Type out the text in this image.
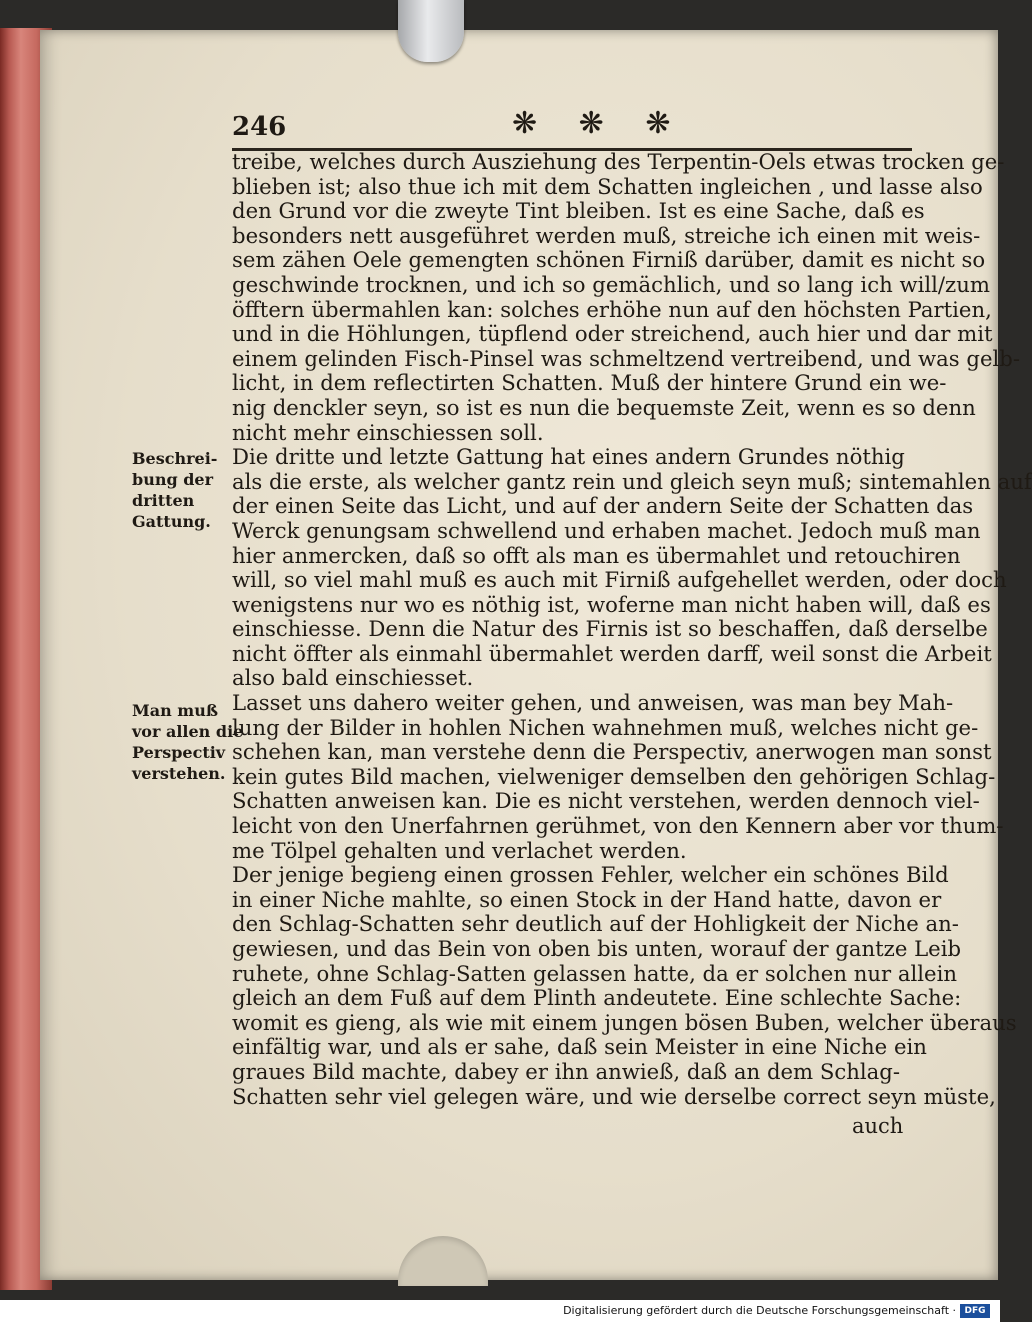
246	❋ ❋ ❋
treibe, welches durch Ausziehung des Terpentin-Oels etwas trocken ge-
blieben ist; also thue ich mit dem Schatten ingleichen , und lasse also
den Grund vor die zweyte Tint bleiben. Ist es eine Sache, daß es
besonders nett ausgeführet werden muß, streiche ich einen mit weis-
sem zähen Oele gemengten schönen Firniß darüber, damit es nicht so
geschwinde trocknen, und ich so gemächlich, und so lang ich will/zum
öfftern übermahlen kan: solches erhöhe nun auf den höchsten Partien,
und in die Höhlungen, tüpflend oder streichend, auch hier und dar mit
einem gelinden Fisch-Pinsel was schmeltzend vertreibend, und was gelb-
licht, in dem reflectirten Schatten. Muß der hintere Grund ein we-
nig denckler seyn, so ist es nun die bequemste Zeit, wenn es so denn
nicht mehr einschiessen soll.
Die dritte und letzte Gattung hat eines andern Grundes nöthig
als die erste, als welcher gantz rein und gleich seyn muß; sintemahlen auf
der einen Seite das Licht, und auf der andern Seite der Schatten das
Werck genungsam schwellend und erhaben machet. Jedoch muß man
hier anmercken, daß so offt als man es übermahlet und retouchiren
will, so viel mahl muß es auch mit Firniß aufgehellet werden, oder doch
wenigstens nur wo es nöthig ist, woferne man nicht haben will, daß es
einschiesse. Denn die Natur des Firnis ist so beschaffen, daß derselbe
nicht öffter als einmahl übermahlet werden darff, weil sonst die Arbeit
also bald einschiesset.
Lasset uns dahero weiter gehen, und anweisen, was man bey Mah-
lung der Bilder in hohlen Nichen wahnehmen muß, welches nicht ge-
schehen kan, man verstehe denn die Perspectiv, anerwogen man sonst
kein gutes Bild machen, vielweniger demselben den gehörigen Schlag-
Schatten anweisen kan. Die es nicht verstehen, werden dennoch viel-
leicht von den Unerfahrnen gerühmet, von den Kennern aber vor thum-
me Tölpel gehalten und verlachet werden.
Der jenige begieng einen grossen Fehler, welcher ein schönes Bild
in einer Niche mahlte, so einen Stock in der Hand hatte, davon er
den Schlag-Schatten sehr deutlich auf der Hohligkeit der Niche an-
gewiesen, und das Bein von oben bis unten, worauf der gantze Leib
ruhete, ohne Schlag-Satten gelassen hatte, da er solchen nur allein
gleich an dem Fuß auf dem Plinth andeutete. Eine schlechte Sache:
womit es gieng, als wie mit einem jungen bösen Buben, welcher überaus
einfältig war, und als er sahe, daß sein Meister in eine Niche ein
graues Bild machte, dabey er ihn anwieß, daß an dem Schlag-
Schatten sehr viel gelegen wäre, und wie derselbe correct seyn müste,
auch
Beschrei-
bung der
dritten
Gattung.
Man muß
vor allen die
Perspectiv
verstehen.
Digitalisierung gefördert durch die Deutsche Forschungsgemeinschaft · DFG
